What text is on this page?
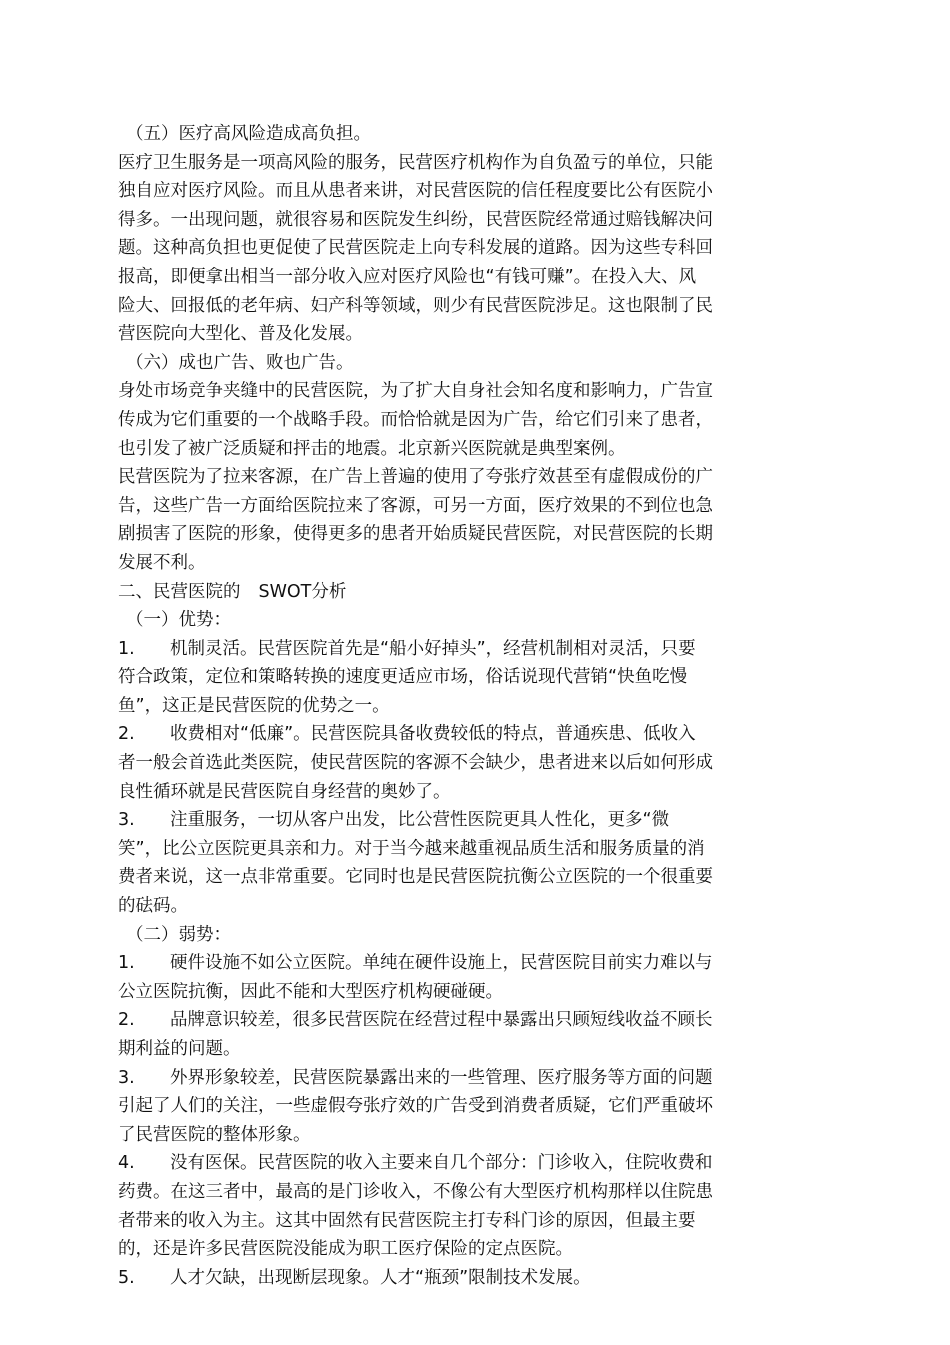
（五）医疗高风险造成高负担。
医疗卫生服务是一项高风险的服务，民营医疗机构作为自负盈亏的单位，只能
独自应对医疗风险。而且从患者来讲，对民营医院的信任程度要比公有医院小
得多。一出现问题，就很容易和医院发生纠纷，民营医院经常通过赔钱解决问
题。这种高负担也更促使了民营医院走上向专科发展的道路。因为这些专科回
报高，即便拿出相当一部分收入应对医疗风险也“有钱可赚”。在投入大、风
险大、回报低的老年病、妇产科等领域，则少有民营医院涉足。这也限制了民
营医院向大型化、普及化发展。
（六）成也广告、败也广告。
身处市场竞争夹缝中的民营医院，为了扩大自身社会知名度和影响力，广告宣
传成为它们重要的一个战略手段。而恰恰就是因为广告，给它们引来了患者，
也引发了被广泛质疑和抨击的地震。北京新兴医院就是典型案例。
民营医院为了拉来客源，在广告上普遍的使用了夸张疗效甚至有虚假成份的广
告，这些广告一方面给医院拉来了客源，可另一方面，医疗效果的不到位也急
剧损害了医院的形象，使得更多的患者开始质疑民营医院，对民营医院的长期
发展不利。
二、民营医院的 SWOT分析
（一）优势：
1. 机制灵活。民营医院首先是“船小好掉头”，经营机制相对灵活，只要
符合政策，定位和策略转换的速度更适应市场，俗话说现代营销“快鱼吃慢
鱼”，这正是民营医院的优势之一。
2. 收费相对“低廉”。民营医院具备收费较低的特点，普通疾患、低收入
者一般会首选此类医院，使民营医院的客源不会缺少，患者进来以后如何形成
良性循环就是民营医院自身经营的奥妙了。
3. 注重服务，一切从客户出发，比公营性医院更具人性化，更多“微
笑”，比公立医院更具亲和力。对于当今越来越重视品质生活和服务质量的消
费者来说，这一点非常重要。它同时也是民营医院抗衡公立医院的一个很重要
的砝码。
（二）弱势：
1. 硬件设施不如公立医院。单纯在硬件设施上，民营医院目前实力难以与
公立医院抗衡，因此不能和大型医疗机构硬碰硬。
2. 品牌意识较差，很多民营医院在经营过程中暴露出只顾短线收益不顾长
期利益的问题。
3. 外界形象较差，民营医院暴露出来的一些管理、医疗服务等方面的问题
引起了人们的关注，一些虚假夸张疗效的广告受到消费者质疑，它们严重破坏
了民营医院的整体形象。
4. 没有医保。民营医院的收入主要来自几个部分：门诊收入，住院收费和
药费。在这三者中，最高的是门诊收入，不像公有大型医疗机构那样以住院患
者带来的收入为主。这其中固然有民营医院主打专科门诊的原因，但最主要
的，还是许多民营医院没能成为职工医疗保险的定点医院。
5. 人才欠缺，出现断层现象。人才“瓶颈”限制技术发展。
